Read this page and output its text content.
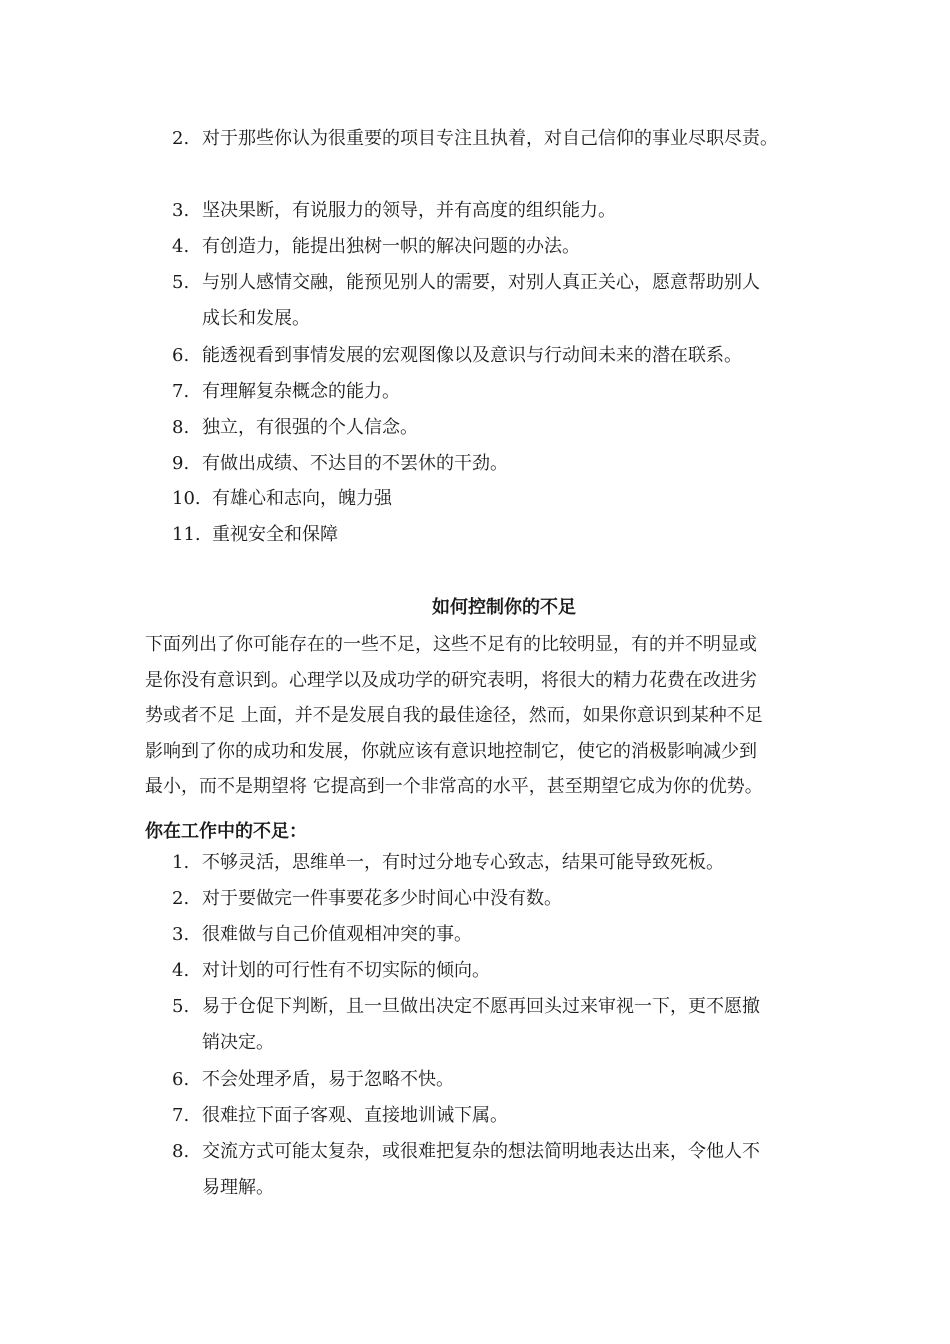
2. 对于那些你认为很重要的项目专注且执着，对自己信仰的事业尽职尽责。
3. 坚决果断，有说服力的领导，并有高度的组织能力。
4. 有创造力，能提出独树一帜的解决问题的办法。
5. 与别人感情交融，能预见别人的需要，对别人真正关心，愿意帮助别人
成长和发展。
6. 能透视看到事情发展的宏观图像以及意识与行动间未来的潜在联系。
7. 有理解复杂概念的能力。
8. 独立，有很强的个人信念。
9. 有做出成绩、不达目的不罢休的干劲。
10. 有雄心和志向，魄力强
11. 重视安全和保障
如何控制你的不足
下面列出了你可能存在的一些不足，这些不足有的比较明显，有的并不明显或
是你没有意识到。心理学以及成功学的研究表明，将很大的精力花费在改进劣
势或者不足 上面，并不是发展自我的最佳途径，然而，如果你意识到某种不足
影响到了你的成功和发展，你就应该有意识地控制它，使它的消极影响减少到
最小，而不是期望将 它提高到一个非常高的水平，甚至期望它成为你的优势。
你在工作中的不足：
1. 不够灵活，思维单一，有时过分地专心致志，结果可能导致死板。
2. 对于要做完一件事要花多少时间心中没有数。
3. 很难做与自己价值观相冲突的事。
4. 对计划的可行性有不切实际的倾向。
5. 易于仓促下判断，且一旦做出决定不愿再回头过来审视一下，更不愿撤
销决定。
6. 不会处理矛盾，易于忽略不快。
7. 很难拉下面子客观、直接地训诫下属。
8. 交流方式可能太复杂，或很难把复杂的想法简明地表达出来，令他人不
易理解。
